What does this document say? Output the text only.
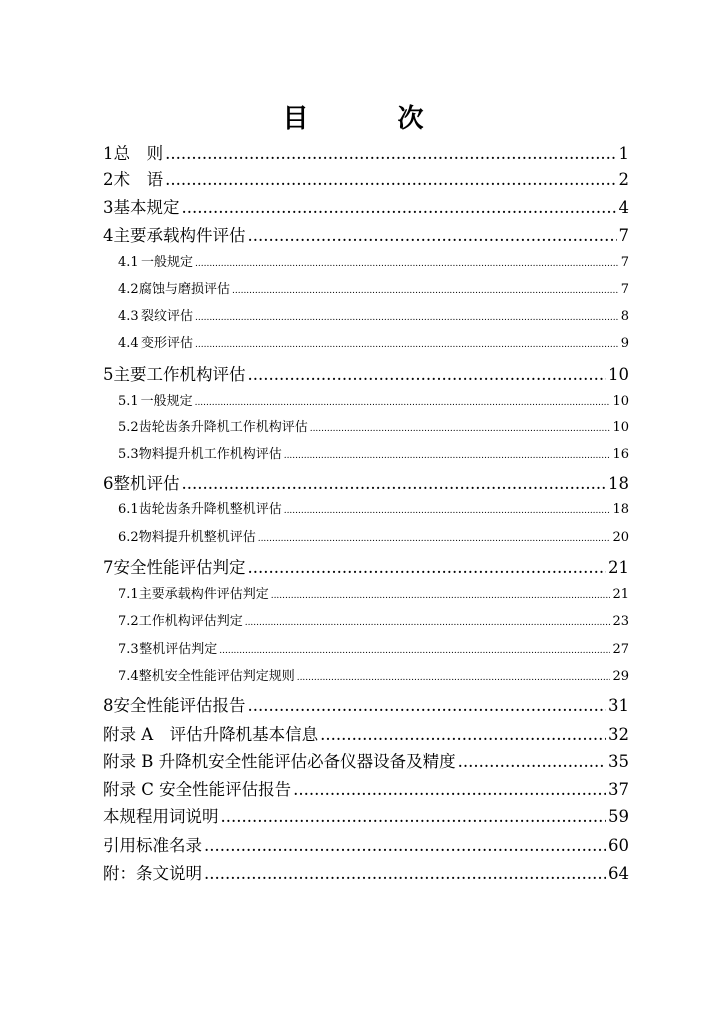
目 次
1 总　则 .....	1
2 术　语 .....	2
3 基本规定 .....	4
4 主要承载构件评估 .....	7
4.1 一般规定 .....	7
4.2 腐蚀与磨损评估 .....	7
4.3 裂纹评估 .....	8
4.4 变形评估 .....	9
5 主要工作机构评估 .....	10
5.1 一般规定 .....	10
5.2 齿轮齿条升降机工作机构评估 .....	10
5.3 物料提升机工作机构评估 .....	16
6 整机评估 .....	18
6.1 齿轮齿条升降机整机评估 .....	18
6.2 物料提升机整机评估 .....	20
7 安全性能评估判定 .....	21
7.1 主要承载构件评估判定 .....	21
7.2 工作机构评估判定 .....	23
7.3 整机评估判定 .....	27
7.4 整机安全性能评估判定规则 .....	29
8 安全性能评估报告 .....	31
附录 A　评估升降机基本信息 .....	32
附录 B 升降机安全性能评估必备仪器设备及精度 .....	35
附录 C 安全性能评估报告 .....	37
本规程用词说明 .....	59
引用标准名录 .....	60
附：条文说明 .....	64
